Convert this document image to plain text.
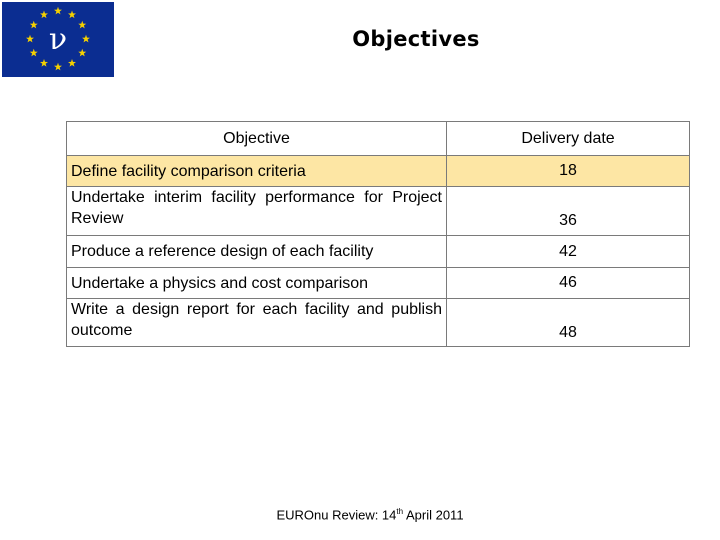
ν	Objectives
Objective	Delivery date
Define facility comparison criteria	18
Undertake interim facility performance for Project Review	36
Produce a reference design of each facility	42
Undertake a physics and cost comparison	46
Write a design report for each facility and publish outcome	48
EUROnu Review: 14th April 2011
